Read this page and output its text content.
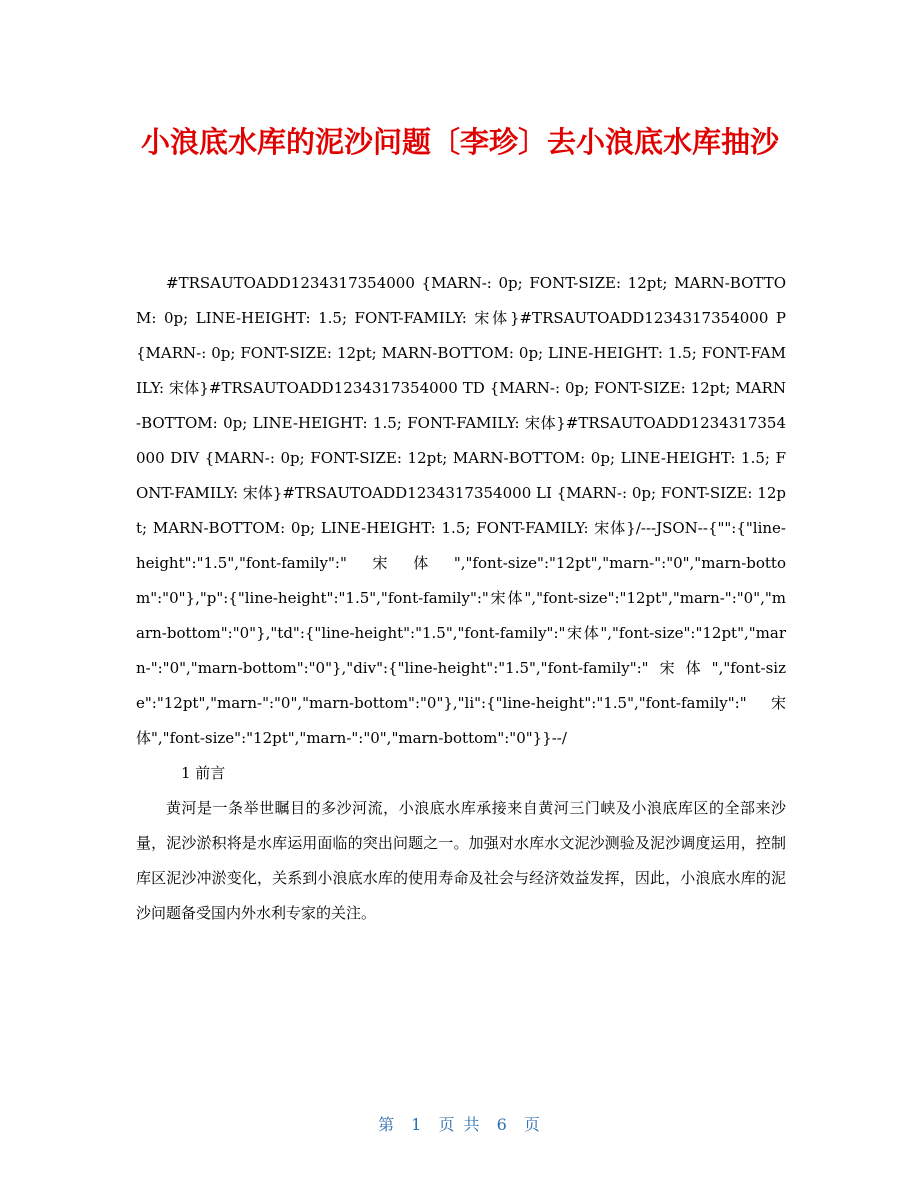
小浪底水库的泥沙问题〔李珍〕去小浪底水库抽沙

#TRSAUTOADD1234317354000 {MARN-: 0p; FONT-SIZE: 12pt; MARN-BOTTOM: 0p; LINE-HEIGHT: 1.5; FONT-FAMILY: 宋体}#TRSAUTOADD1234317354000 P {MARN-: 0p; FONT-SIZE: 12pt; MARN-BOTTOM: 0p; LINE-HEIGHT: 1.5; FONT-FAMILY: 宋体}#TRSAUTOADD1234317354000 TD {MARN-: 0p; FONT-SIZE: 12pt; MARN-BOTTOM: 0p; LINE-HEIGHT: 1.5; FONT-FAMILY: 宋体}#TRSAUTOADD1234317354000 DIV {MARN-: 0p; FONT-SIZE: 12pt; MARN-BOTTOM: 0p; LINE-HEIGHT: 1.5; FONT-FAMILY: 宋体}#TRSAUTOADD1234317354000 LI {MARN-: 0p; FONT-SIZE: 12pt; MARN-BOTTOM: 0p; LINE-HEIGHT: 1.5; FONT-FAMILY: 宋体}/---JSON--{"":{"line-height":"1.5","font-family":"宋体","font-size":"12pt","marn-":"0","marn-bottom":"0"},"p":{"line-height":"1.5","font-family":"宋体","font-size":"12pt","marn-":"0","marn-bottom":"0"},"td":{"line-height":"1.5","font-family":"宋体","font-size":"12pt","marn-":"0","marn-bottom":"0"},"div":{"line-height":"1.5","font-family":"宋体","font-size":"12pt","marn-":"0","marn-bottom":"0"},"li":{"line-height":"1.5","font-family":"宋体","font-size":"12pt","marn-":"0","marn-bottom":"0"}}--/

1 前言

黄河是一条举世瞩目的多沙河流，小浪底水库承接来自黄河三门峡及小浪底库区的全部来沙量，泥沙淤积将是水库运用面临的突出问题之一。加强对水库水文泥沙测验及泥沙调度运用，控制库区泥沙冲淤变化，关系到小浪底水库的使用寿命及社会与经济效益发挥，因此，小浪底水库的泥沙问题备受国内外水利专家的关注。

第 1 页 共 6 页
